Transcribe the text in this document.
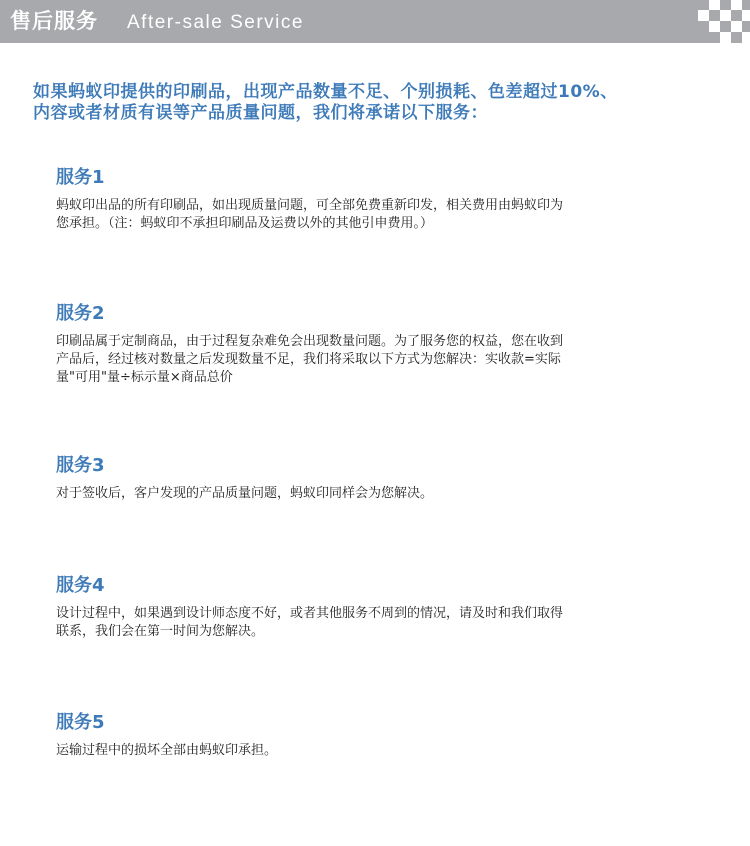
售后服务 After-sale Service
如果蚂蚁印提供的印刷品，出现产品数量不足、个别损耗、色差超过10%、
内容或者材质有误等产品质量问题，我们将承诺以下服务：
服务1
蚂蚁印出品的所有印刷品，如出现质量问题，可全部免费重新印发，相关费用由蚂蚁印为
您承担。（注：蚂蚁印不承担印刷品及运费以外的其他引申费用。）
服务2
印刷品属于定制商品，由于过程复杂难免会出现数量问题。为了服务您的权益，您在收到
产品后，经过核对数量之后发现数量不足，我们将采取以下方式为您解决：实收款=实际
量"可用"量÷标示量×商品总价
服务3
对于签收后，客户发现的产品质量问题，蚂蚁印同样会为您解决。
服务4
设计过程中，如果遇到设计师态度不好，或者其他服务不周到的情况，请及时和我们取得
联系，我们会在第一时间为您解决。
服务5
运输过程中的损坏全部由蚂蚁印承担。
